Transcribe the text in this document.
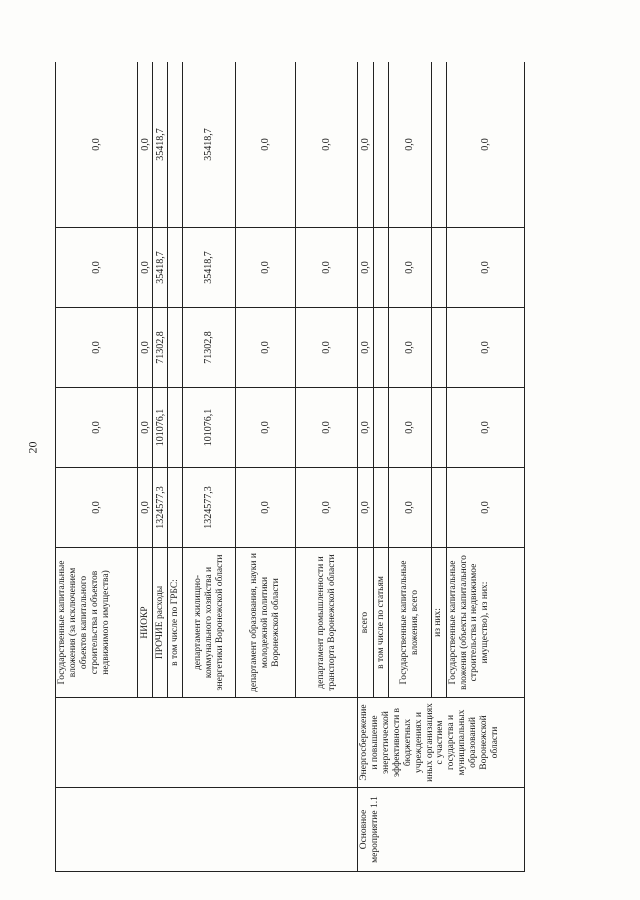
20
		Государственные капитальные вложения (за исключением объектов капитального строительства и объектов недвижимого имущества)	0,0	0,0	0,0	0,0	0,0
		НИОКР	0,0	0,0	0,0	0,0	0,0
		ПРОЧИЕ расходы	1324577,3	101076,1	71302,8	35418,7	35418,7
		в том числе по ГРБС:					
		департамент жилищно-коммунального хозяйства и энергетики Воронежской области	1324577,3	101076,1	71302,8	35418,7	35418,7
		департамент образования, науки и молодежной политики Воронежской области	0,0	0,0	0,0	0,0	0,0
		департамент промышленности и транспорта Воронежской области	0,0	0,0	0,0	0,0	0,0
Основное мероприятие 1.1	Энергосбережение и повышение энергетической эффективности в бюджетных учреждениях и иных организациях с участием государства и муниципальных образований Воронежской области	всего	0,0	0,0	0,0	0,0	0,0
		в том числе по статьям					
		Государственные капитальные вложения, всего	0,0	0,0	0,0	0,0	0,0
		из них:					
		Государственные капитальные вложения (объекты капитального строительства и недвижимое имущество), из них:	0,0	0,0	0,0	0,0	0,0
